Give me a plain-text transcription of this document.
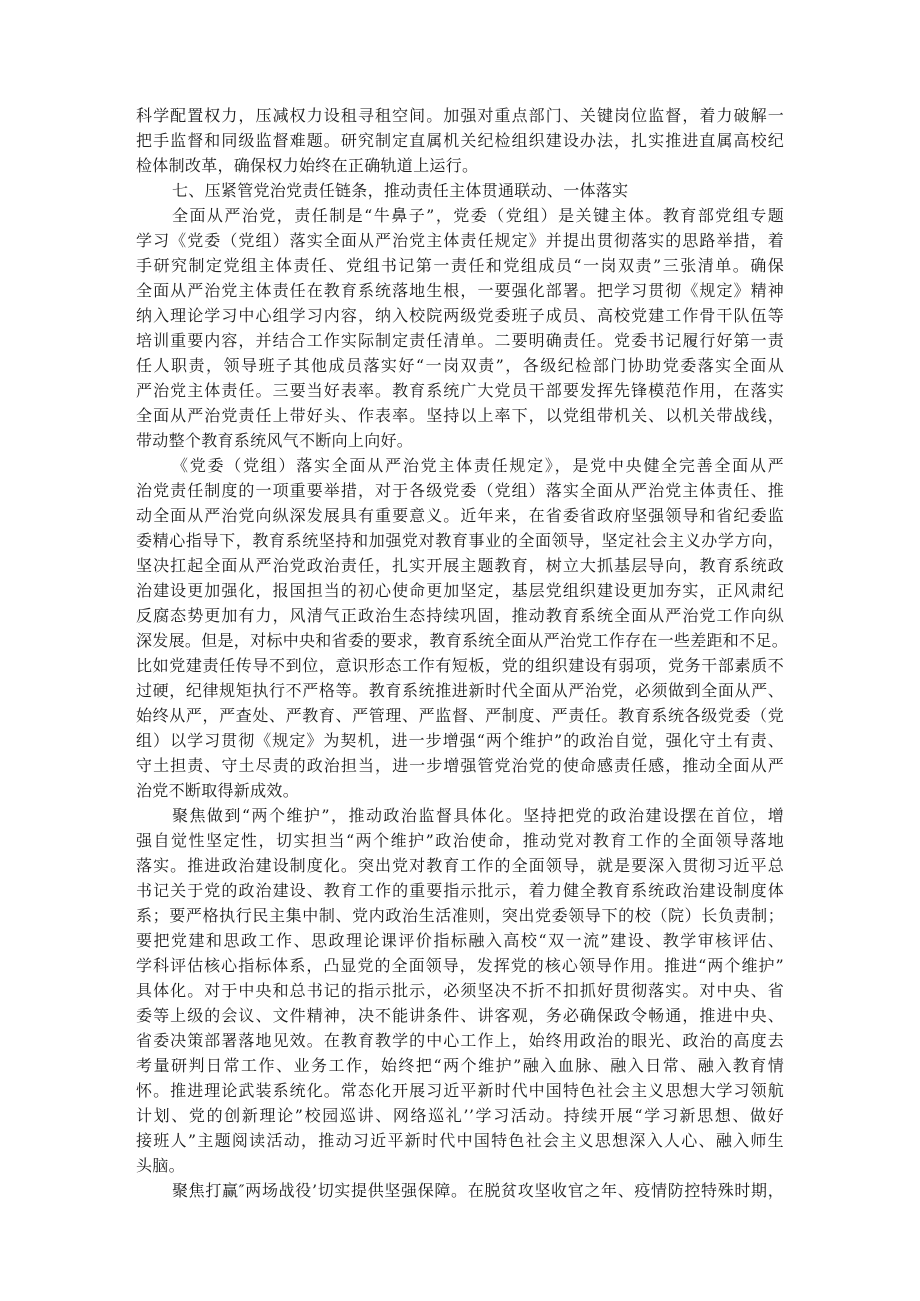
科学配置权力，压减权力设租寻租空间。加强对重点部门、关键岗位监督，着力破解一
把手监督和同级监督难题。研究制定直属机关纪检组织建设办法，扎实推进直属高校纪
检体制改革，确保权力始终在正确轨道上运行。
七、压紧管党治党责任链条，推动责任主体贯通联动、一体落实
全面从严治党，责任制是“牛鼻子”，党委（党组）是关键主体。教育部党组专题
学习《党委（党组）落实全面从严治党主体责任规定》并提出贯彻落实的思路举措，着
手研究制定党组主体责任、党组书记第一责任和党组成员“一岗双责”三张清单。确保
全面从严治党主体责任在教育系统落地生根，一要强化部署。把学习贯彻《规定》精神
纳入理论学习中心组学习内容，纳入校院两级党委班子成员、高校党建工作骨干队伍等
培训重要内容，并结合工作实际制定责任清单。二要明确责任。党委书记履行好第一责
任人职责，领导班子其他成员落实好“一岗双责”，各级纪检部门协助党委落实全面从
严治党主体责任。三要当好表率。教育系统广大党员干部要发挥先锋模范作用，在落实
全面从严治党责任上带好头、作表率。坚持以上率下，以党组带机关、以机关带战线，
带动整个教育系统风气不断向上向好。
《党委（党组）落实全面从严治党主体责任规定》，是党中央健全完善全面从严
治党责任制度的一项重要举措，对于各级党委（党组）落实全面从严治党主体责任、推
动全面从严治党向纵深发展具有重要意义。近年来，在省委省政府坚强领导和省纪委监
委精心指导下，教育系统坚持和加强党对教育事业的全面领导，坚定社会主义办学方向，
坚决扛起全面从严治党政治责任，扎实开展主题教育，树立大抓基层导向，教育系统政
治建设更加强化，报国担当的初心使命更加坚定，基层党组织建设更加夯实，正风肃纪
反腐态势更加有力，风清气正政治生态持续巩固，推动教育系统全面从严治党工作向纵
深发展。但是，对标中央和省委的要求，教育系统全面从严治党工作存在一些差距和不足。
比如党建责任传导不到位，意识形态工作有短板，党的组织建设有弱项，党务干部素质不
过硬，纪律规矩执行不严格等。教育系统推进新时代全面从严治党，必须做到全面从严、
始终从严，严查处、严教育、严管理、严监督、严制度、严责任。教育系统各级党委（党
组）以学习贯彻《规定》为契机，进一步增强“两个维护”的政治自觉，强化守土有责、
守土担责、守土尽责的政治担当，进一步增强管党治党的使命感责任感，推动全面从严
治党不断取得新成效。
聚焦做到“两个维护”，推动政治监督具体化。坚持把党的政治建设摆在首位，增
强自觉性坚定性，切实担当“两个维护”政治使命，推动党对教育工作的全面领导落地
落实。推进政治建设制度化。突出党对教育工作的全面领导，就是要深入贯彻习近平总
书记关于党的政治建设、教育工作的重要指示批示，着力健全教育系统政治建设制度体
系；要严格执行民主集中制、党内政治生活准则，突出党委领导下的校（院）长负责制；
要把党建和思政工作、思政理论课评价指标融入高校“双一流”建设、教学审核评估、
学科评估核心指标体系，凸显党的全面领导，发挥党的核心领导作用。推进“两个维护”
具体化。对于中央和总书记的指示批示，必须坚决不折不扣抓好贯彻落实。对中央、省
委等上级的会议、文件精神，决不能讲条件、讲客观，务必确保政令畅通，推进中央、
省委决策部署落地见效。在教育教学的中心工作上，始终用政治的眼光、政治的高度去
考量研判日常工作、业务工作，始终把“两个维护”融入血脉、融入日常、融入教育情
怀。推进理论武装系统化。常态化开展习近平新时代中国特色社会主义思想大学习领航
计划、党的创新理论”校园巡讲、网络巡礼’’学习活动。持续开展“学习新思想、做好
接班人”主题阅读活动，推动习近平新时代中国特色社会主义思想深入人心、融入师生
头脑。
聚焦打赢″两场战役’切实提供坚强保障。在脱贫攻坚收官之年、疫情防控特殊时期，
